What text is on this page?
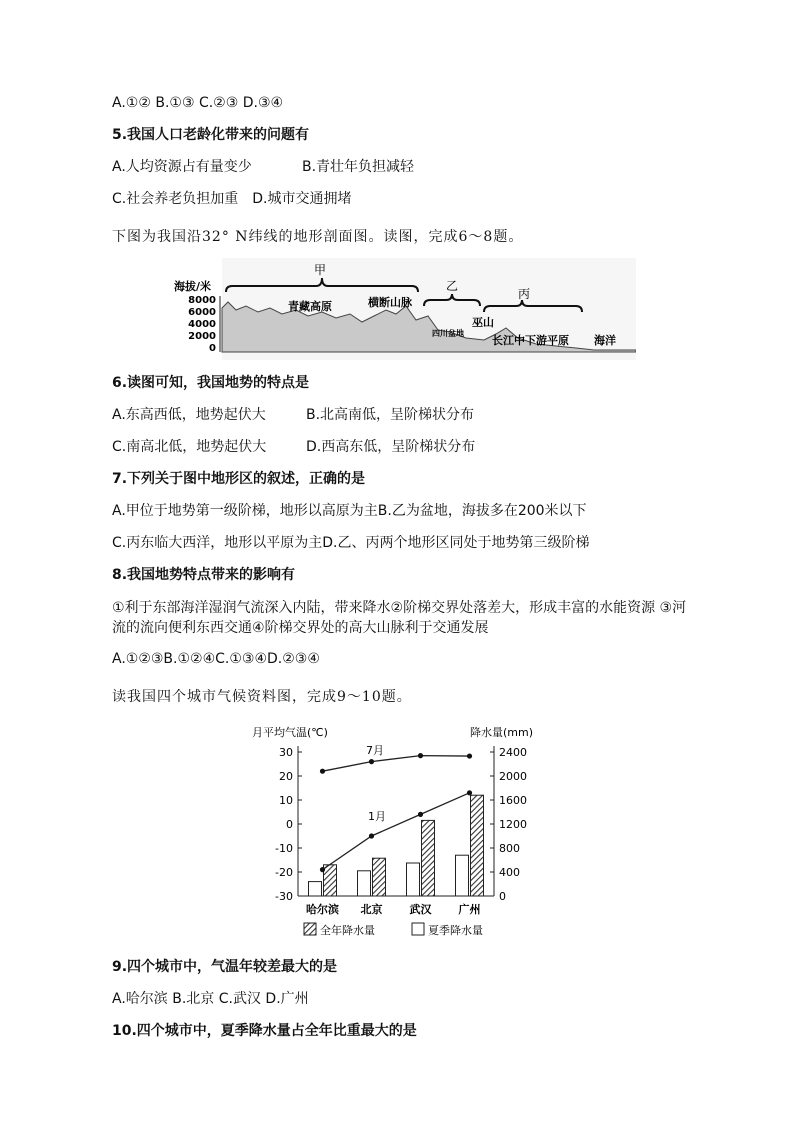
A.①② B.①③ C.②③ D.③④
5.我国人口老龄化带来的问题有
A.人均资源占有量变少	B.青壮年负担减轻
C.社会养老负担加重　D.城市交通拥堵
下图为我国沿32° N纬线的地形剖面图。读图，完成6～8题。
海拔/米
8000
6000
4000
2000
0
甲
乙
丙
青藏高原	横断山脉
四川盆地
巫山
长江中下游平原 海洋
6.读图可知，我国地势的特点是
A.东高西低，地势起伏大	B.北高南低，呈阶梯状分布
C.南高北低，地势起伏大	D.西高东低，呈阶梯状分布
7.下列关于图中地形区的叙述，正确的是
A.甲位于地势第一级阶梯，地形以高原为主B.乙为盆地，海拔多在200米以下
C.丙东临大西洋，地形以平原为主D.乙、丙两个地形区同处于地势第三级阶梯
8.我国地势特点带来的影响有
①利于东部海洋湿润气流深入内陆，带来降水②阶梯交界处落差大，形成丰富的水能资源 ③河流的流向便利东西交通④阶梯交界处的高大山脉利于交通发展
A.①②③B.①②④C.①③④D.②③④
读我国四个城市气候资料图，完成9～10题。
月平均气温(℃)	降水量(mm)
30
20
10
0
-10
-20
-30
2400
2000
1600
1200
800
400
0
哈尔滨 北京 武汉 广州
7月
1月
全年降水量	夏季降水量
9.四个城市中，气温年较差最大的是
A.哈尔滨 B.北京 C.武汉 D.广州
10.四个城市中，夏季降水量占全年比重最大的是
